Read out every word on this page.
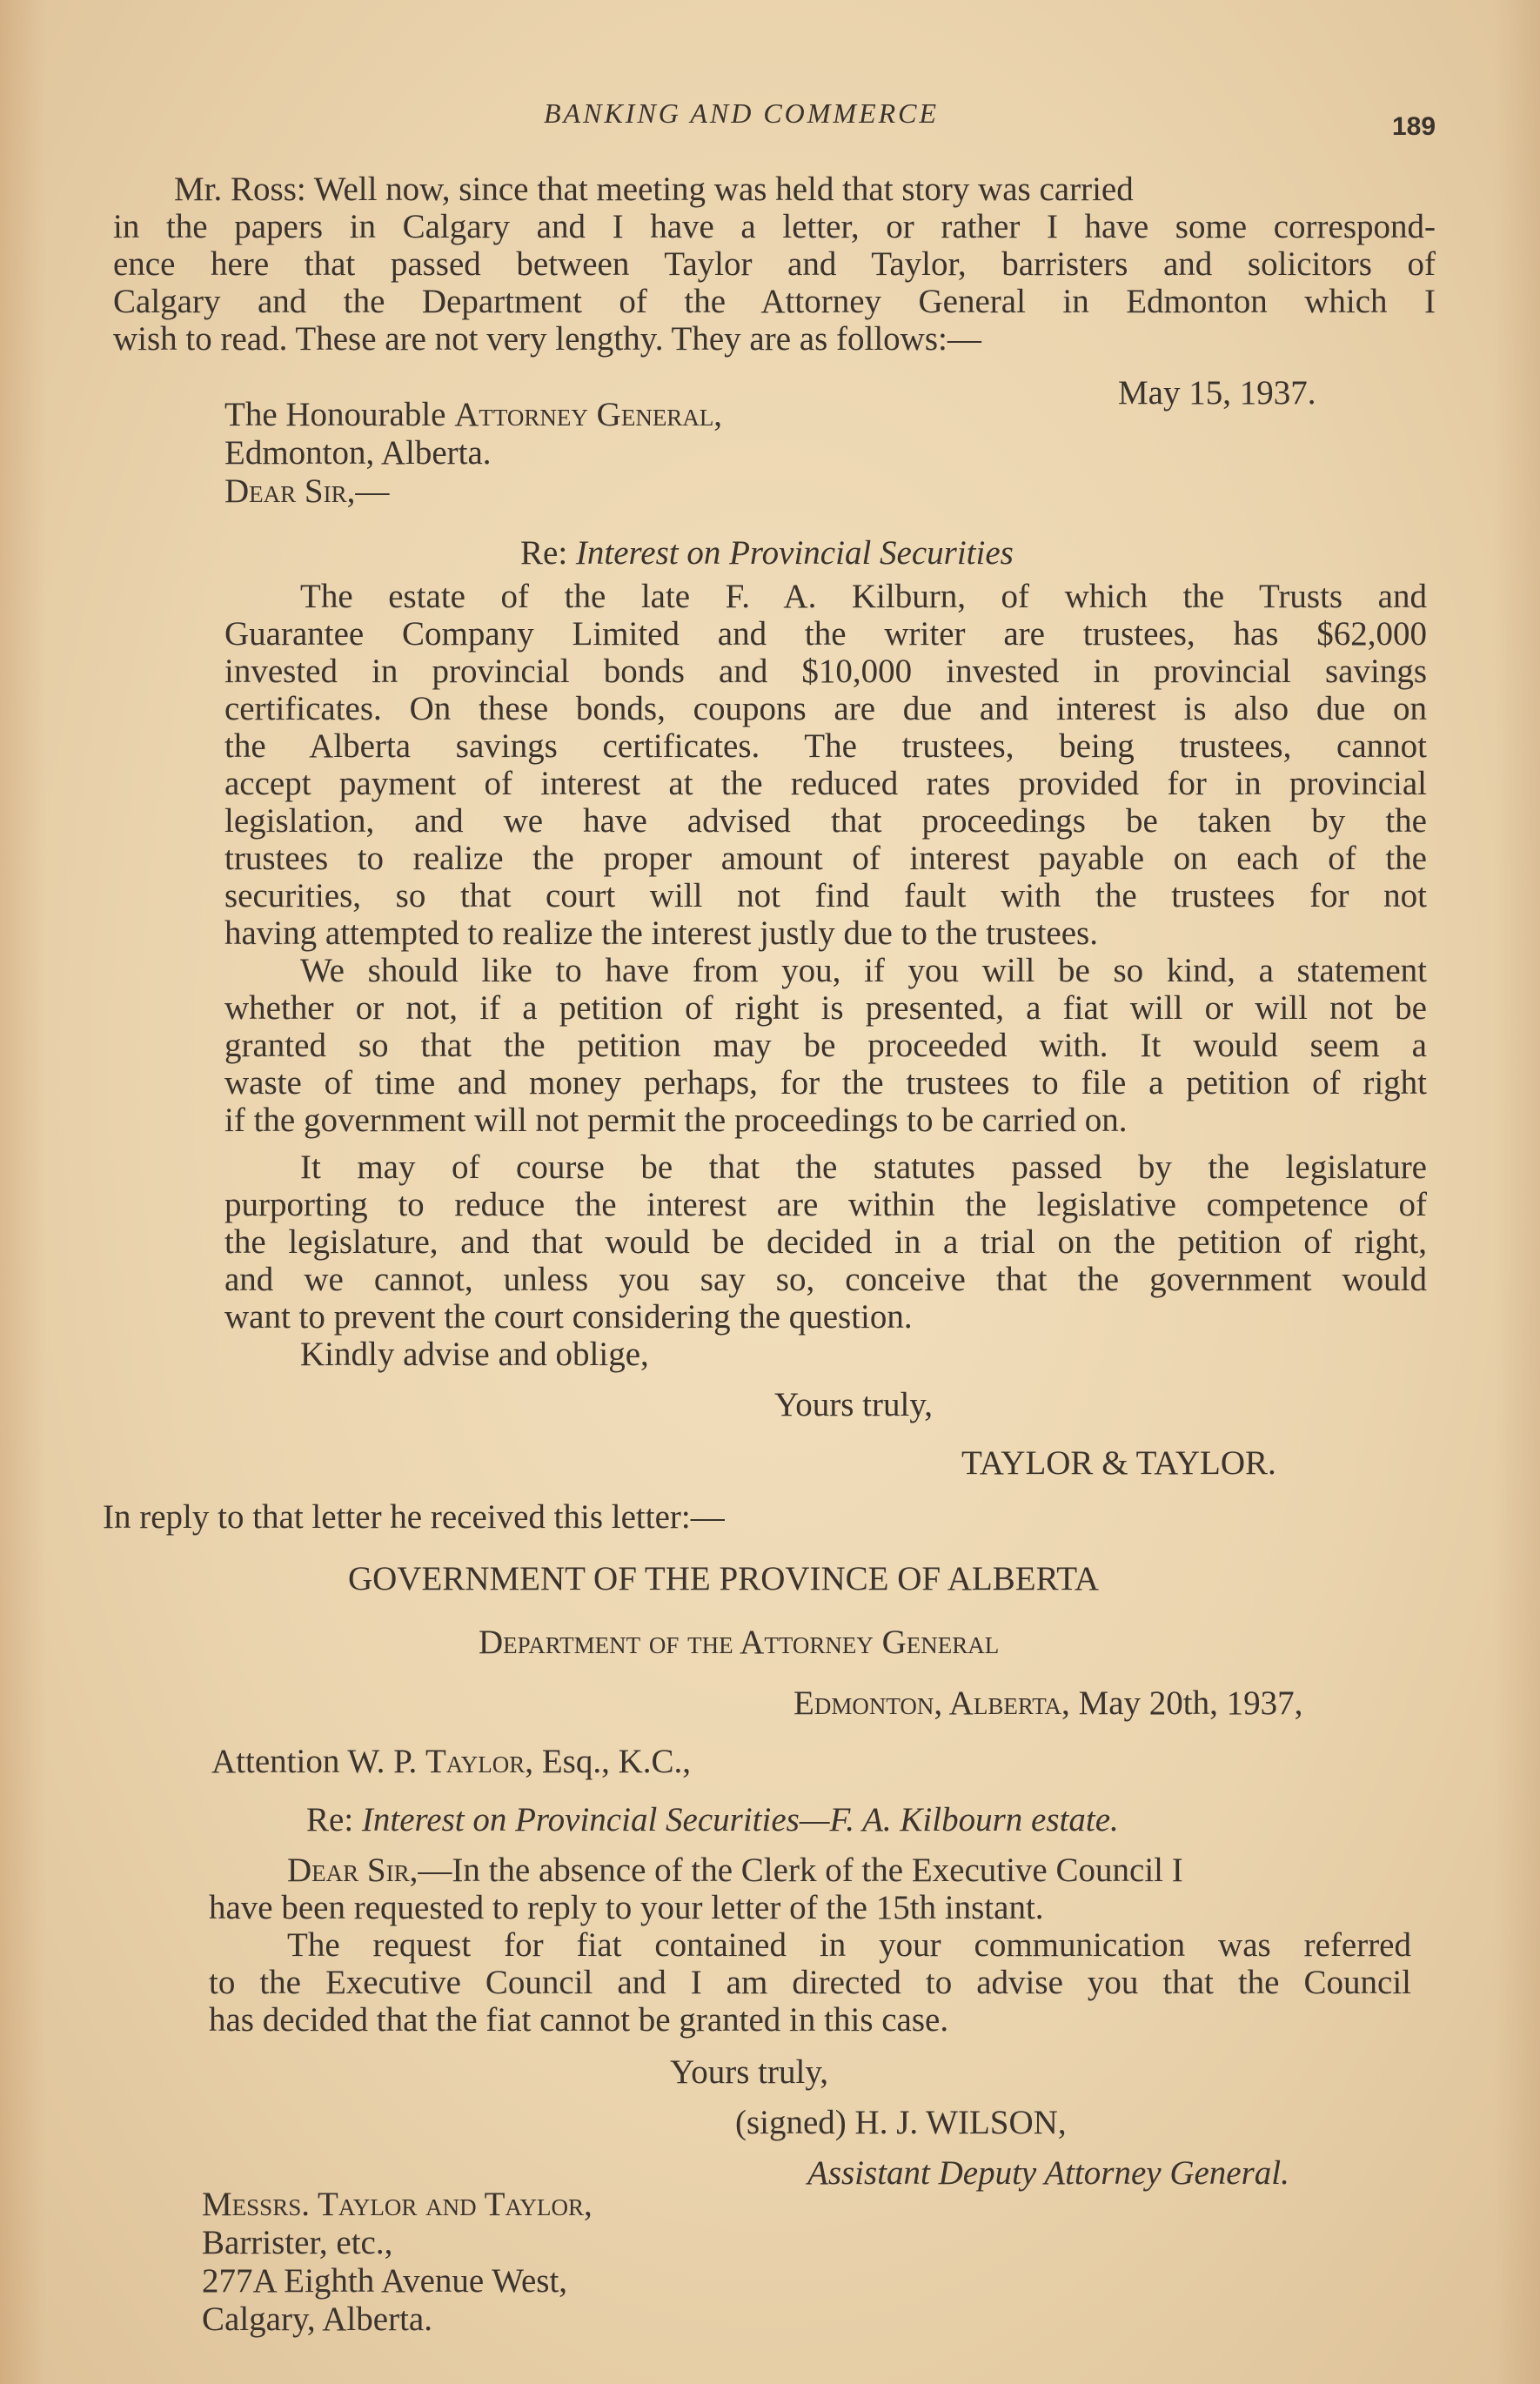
BANKING AND COMMERCE	189
Mr. Ross: Well now, since that meeting was held that story was carried
in the papers in Calgary and I have a letter, or rather I have some correspond-
ence here that passed between Taylor and Taylor, barristers and solicitors of
Calgary and the Department of the Attorney General in Edmonton which I
wish to read. These are not very lengthy. They are as follows:—
May 15, 1937.
The Honourable Attorney General,
Edmonton, Alberta.
Dear Sir,—
Re: Interest on Provincial Securities
The estate of the late F. A. Kilburn, of which the Trusts and
Guarantee Company Limited and the writer are trustees, has $62,000
invested in provincial bonds and $10,000 invested in provincial savings
certificates. On these bonds, coupons are due and interest is also due on
the Alberta savings certificates. The trustees, being trustees, cannot
accept payment of interest at the reduced rates provided for in provincial
legislation, and we have advised that proceedings be taken by the
trustees to realize the proper amount of interest payable on each of the
securities, so that court will not find fault with the trustees for not
having attempted to realize the interest justly due to the trustees.
We should like to have from you, if you will be so kind, a statement
whether or not, if a petition of right is presented, a fiat will or will not be
granted so that the petition may be proceeded with. It would seem a
waste of time and money perhaps, for the trustees to file a petition of right
if the government will not permit the proceedings to be carried on.
It may of course be that the statutes passed by the legislature
purporting to reduce the interest are within the legislative competence of
the legislature, and that would be decided in a trial on the petition of right,
and we cannot, unless you say so, conceive that the government would
want to prevent the court considering the question.
Kindly advise and oblige,
Yours truly,
TAYLOR & TAYLOR.
In reply to that letter he received this letter:—
GOVERNMENT OF THE PROVINCE OF ALBERTA
Department of the Attorney General
Edmonton, Alberta, May 20th, 1937,
Attention W. P. Taylor, Esq., K.C.,
Re: Interest on Provincial Securities—F. A. Kilbourn estate.
Dear Sir,—In the absence of the Clerk of the Executive Council I
have been requested to reply to your letter of the 15th instant.
The request for fiat contained in your communication was referred
to the Executive Council and I am directed to advise you that the Council
has decided that the fiat cannot be granted in this case.
Yours truly,
(signed) H. J. WILSON,
Assistant Deputy Attorney General.
Messrs. Taylor and Taylor,
Barrister, etc.,
277A Eighth Avenue West,
Calgary, Alberta.
